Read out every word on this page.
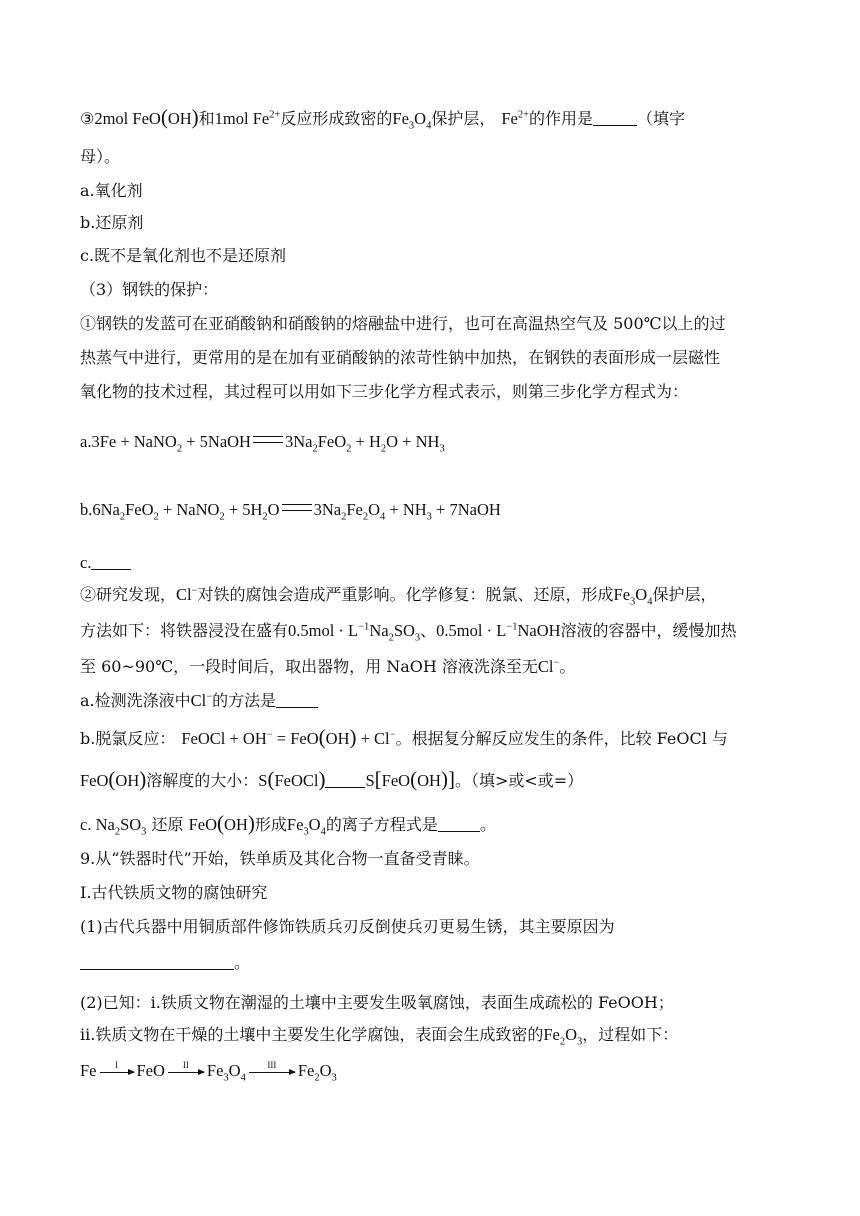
③2mol FeO(OH)和1mol $Fe^{2+}$反应形成致密的$Fe_3O_4$保护层， $Fe^{2+}$的作用是	（填字
母）。
a.氧化剂
b.还原剂
c.既不是氧化剂也不是还原剂
（3）钢铁的保护：
①钢铁的发蓝可在亚硝酸钠和硝酸钠的熔融盐中进行，也可在高温热空气及 500℃以上的过
热蒸气中进行，更常用的是在加有亚硝酸钠的浓苛性钠中加热，在钢铁的表面形成一层磁性
氧化物的技术过程，其过程可以用如下三步化学方程式表示，则第三步化学方程式为：
a.3Fe + NaNO$_2$ + 5NaOH $3Na_2FeO_2 + H_2O + NH_3$
$b.6Na_2FeO_2$ + NaNO$_2$ + $5H_2O$ $3Na_2Fe_2O_4 + NH_3$ + 7NaOH
c.
②研究发现，Cl−对铁的腐蚀会造成严重影响。化学修复：脱氯、还原，形成$Fe_3O_4$保护层，
方法如下：将铁器浸没在盛有$0.5mol \cdot L^{-1}Na_2SO_3$、$0.5mol \cdot L^{-1}NaOH$溶液的容器中，缓慢加热
至 60~90℃，一段时间后，取出器物，用 NaOH 溶液洗涤至无Cl−。
a.检测洗涤液中Cl−的方法是
b.脱氯反应： FeOCl + OH− = FeO(OH) + Cl−。根据复分解反应发生的条件，比较 FeOCl 与
FeO(OH)溶解度的大小：S(FeOCl) S[FeO(OH)]。（填>或<或=）
c. $Na_2SO_3$ 还原 FeO(OH)形成$Fe_3O_4$的离子方程式是	。
9.从“铁器时代”开始，铁单质及其化合物一直备受青睐。
I.古代铁质文物的腐蚀研究
(1)古代兵器中用铜质部件修饰铁质兵刃反倒使兵刃更易生锈，其主要原因为
。
(2)已知：i.铁质文物在潮湿的土壤中主要发生吸氧腐蚀，表面生成疏松的 FeOOH；
ii.铁质文物在干燥的土壤中主要发生化学腐蚀，表面会生成致密的$Fe_2O_3$，过程如下：
Fe	I	FeO	II	$Fe_3O_4$
III	$Fe_2O_3$
